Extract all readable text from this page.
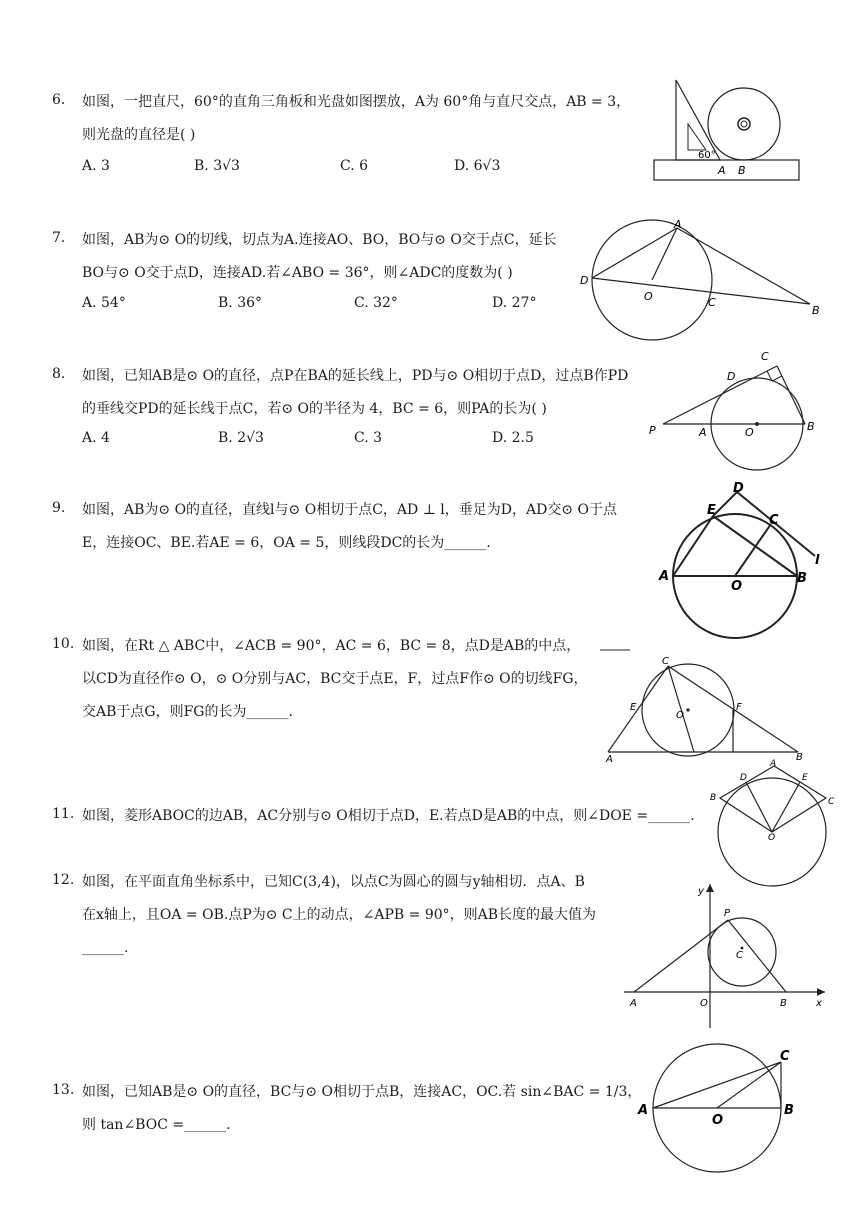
6.	如图，一把直尺，60°的直角三角板和光盘如图摆放，A为 60°角与直尺交点，AB = 3，
则光盘的直径是( )
A. 3	B. 3√3	C. 6	D. 6√3
60°
A B
7.	如图，AB为⊙ O的切线，切点为A.连接AO、BO，BO与⊙ O交于点C，延长
BO与⊙ O交于点D，连接AD.若∠ABO = 36°，则∠ADC的度数为( )
A. 54°	B. 36°	C. 32°	D. 27°
A
D
O	C
B
8.	如图，已知AB是⊙ O的直径，点P在BA的延长线上，PD与⊙ O相切于点D，过点B作PD
的垂线交PD的延长线于点C，若⊙ O的半径为 4，BC = 6，则PA的长为( )
A. 4	B. 2√3	C. 3	D. 2.5
C
D
P	A	O	B
9.	如图，AB为⊙ O的直径，直线l与⊙ O相切于点C，AD ⊥ l，垂足为D，AD交⊙ O于点
E，连接OC、BE.若AE = 6，OA = 5，则线段DC的长为______.
D
E
C
l
A
O
B
10. 如图，在Rt △ ABC中，∠ACB = 90°，AC = 6，BC = 8，点D是AB的中点，
以CD为直径作⊙ O，⊙ O分别与AC，BC交于点E，F，过点F作⊙ O的切线FG，
交AB于点G，则FG的长为______.
C
E
O
F
A	B
11. 如图，菱形ABOC的边AB，AC分别与⊙ O相切于点D，E.若点D是AB的中点，则∠DOE =______.
A
D	E
B	C
O
12. 如图，在平面直角坐标系中，已知C(3,4)，以点C为圆心的圆与y轴相切．点A、B
在x轴上，且OA = OB.点P为⊙ C上的动点，∠APB = 90°，则AB长度的最大值为
______.
y
P
C
A	O	B	x
13. 如图，已知AB是⊙ O的直径，BC与⊙ O相切于点B，连接AC，OC.若 sin∠BAC = 1/3，
则 tan∠BOC =______.
C
A
O
B
